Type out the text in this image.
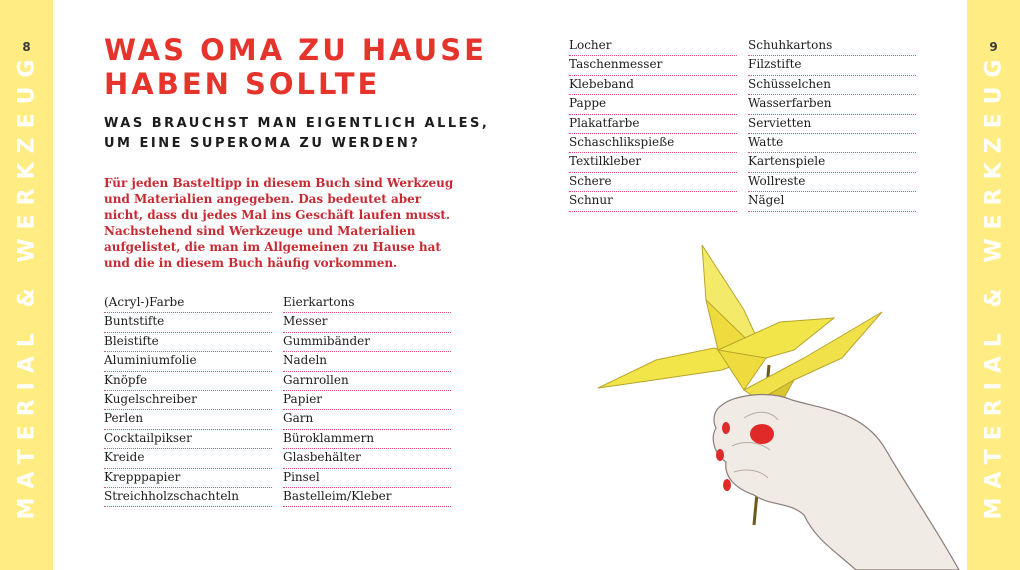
8
MATERIAL & WERKZEUG
9
MATERIAL & WERKZEUG
WAS OMA ZU HAUSE
HABEN SOLLTE
WAS BRAUCHST MAN EIGENTLICH ALLES,
UM EINE SUPEROMA ZU WERDEN?

Für jeden Basteltipp in diesem Buch sind Werkzeug und Materialien angegeben. Das bedeutet aber nicht, dass du jedes Mal ins Geschäft laufen musst.

Nachstehend sind Werkzeuge und Materialien aufgelistet, die man im Allgemeinen zu Hause hat und die in diesem Buch häufig vorkommen.

(Acryl-)Farbe
Buntstifte
Bleistifte
Aluminiumfolie
Knöpfe
Kugelschreiber
Perlen
Cocktailpikser
Kreide
Krepppapier
Streichholzschachteln
Eierkartons
Messer
Gummibänder
Nadeln
Garnrollen
Papier
Garn
Büroklammern
Glasbehälter
Pinsel
Bastelleim/Kleber
Locher
Taschenmesser
Klebeband
Pappe
Plakatfarbe
Schaschlikspieße
Textilkleber
Schere
Schnur
Schuhkartons
Filzstifte
Schüsselchen
Wasserfarben
Servietten
Watte
Kartenspiele
Wollreste
Nägel
